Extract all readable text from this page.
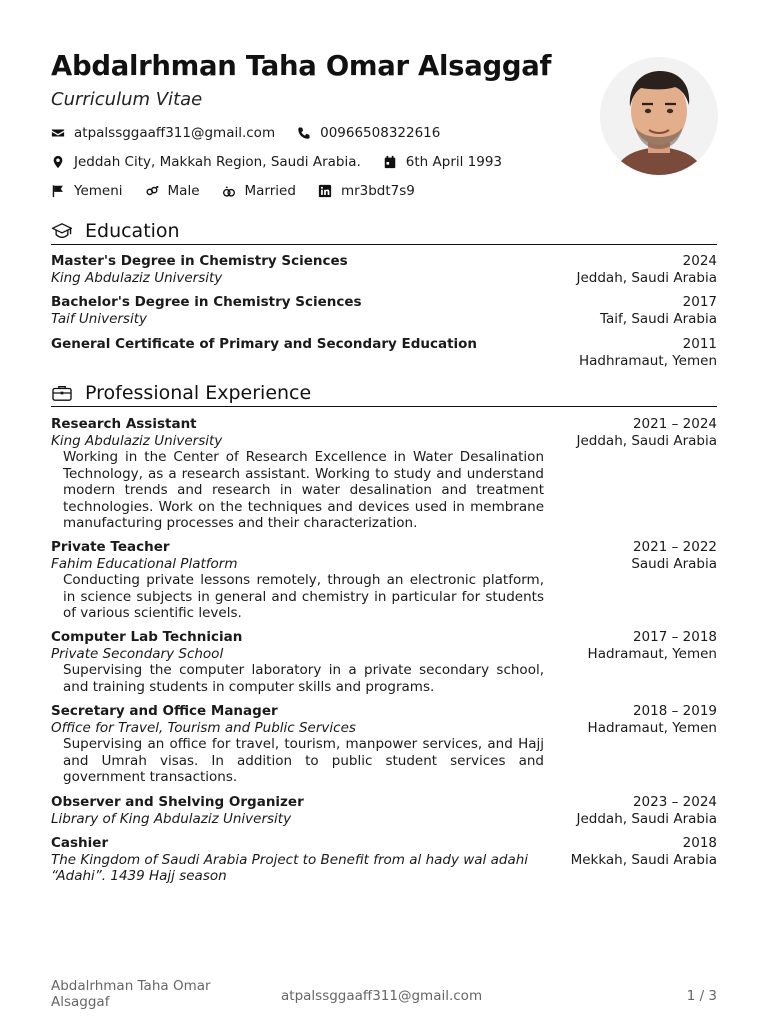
Abdalrhman Taha Omar Alsaggaf
Curriculum Vitae
atpalssggaaff311@gmail.com	00966508322616
Jeddah City, Makkah Region, Saudi Arabia.	6th April 1993
Yemeni	Male	Married	mr3bdt7s9
Education
Master's Degree in Chemistry Sciences	2024
King Abdulaziz University	Jeddah, Saudi Arabia
Bachelor's Degree in Chemistry Sciences	2017
Taif University	Taif, Saudi Arabia
General Certificate of Primary and Secondary Education	2011
Hadhramaut, Yemen
Professional Experience
Research Assistant	2021 – 2024
King Abdulaziz University	Jeddah, Saudi Arabia
Working in the Center of Research Excellence in Water Desalination Technology, as a research assistant. Working to study and understand modern trends and research in water desalination and treatment technologies. Work on the techniques and devices used in membrane manufacturing processes and their characterization.
Private Teacher	2021 – 2022
Fahim Educational Platform	Saudi Arabia
Conducting private lessons remotely, through an electronic platform, in science subjects in general and chemistry in particular for students of various scientific levels.
Computer Lab Technician	2017 – 2018
Private Secondary School	Hadramaut, Yemen
Supervising the computer laboratory in a private secondary school, and training students in computer skills and programs.
Secretary and Office Manager	2018 – 2019
Office for Travel, Tourism and Public Services	Hadramaut, Yemen
Supervising an office for travel, tourism, manpower services, and Hajj and Umrah visas. In addition to public student services and government transactions.
Observer and Shelving Organizer	2023 – 2024
Library of King Abdulaziz University	Jeddah, Saudi Arabia
Cashier	2018
The Kingdom of Saudi Arabia Project to Benefit from al hady wal adahi “Adahi”. 1439 Hajj season
Mekkah, Saudi Arabia
Abdalrhman Taha Omar Alsaggaf	atpalssggaaff311@gmail.com	1 / 3
